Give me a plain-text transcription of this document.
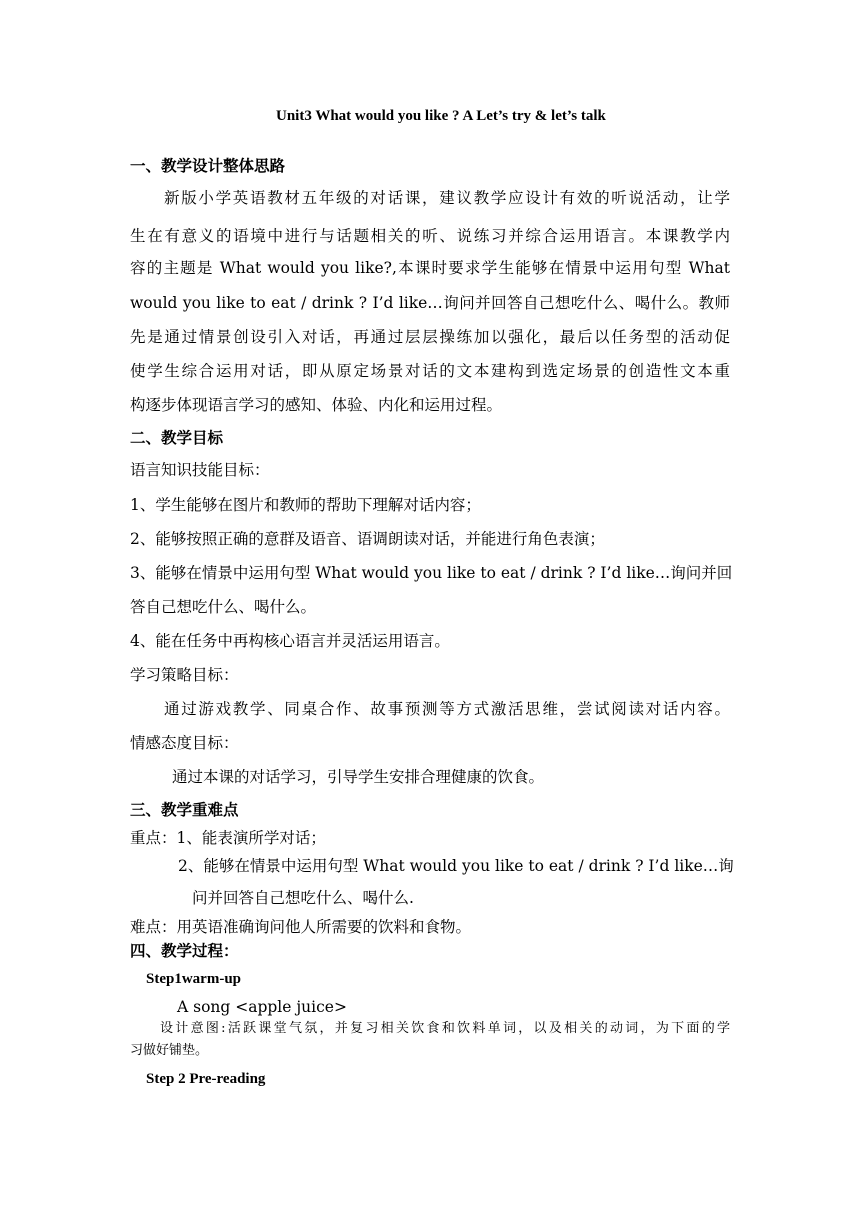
Unit3 What would you like ? A Let’s try & let’s talk
一、教学设计整体思路
新版小学英语教材五年级的对话课，建议教学应设计有效的听说活动，让学
生在有意义的语境中进行与话题相关的听、说练习并综合运用语言。本课教学内
容的主题是 What would you like?,本课时要求学生能够在情景中运用句型 What
would you like to eat / drink ? I’d like…询问并回答自己想吃什么、喝什么。教师
先是通过情景创设引入对话，再通过层层操练加以强化，最后以任务型的活动促
使学生综合运用对话，即从原定场景对话的文本建构到选定场景的创造性文本重
构逐步体现语言学习的感知、体验、内化和运用过程。
二、教学目标
语言知识技能目标：
1、学生能够在图片和教师的帮助下理解对话内容；
2、能够按照正确的意群及语音、语调朗读对话，并能进行角色表演；
3、能够在情景中运用句型 What would you like to eat / drink ? I’d like…询问并回
答自己想吃什么、喝什么。
4、能在任务中再构核心语言并灵活运用语言。
学习策略目标：
通过游戏教学、同桌合作、故事预测等方式激活思维，尝试阅读对话内容。
情感态度目标：
通过本课的对话学习，引导学生安排合理健康的饮食。
三、教学重难点
重点：1、能表演所学对话；
2、能够在情景中运用句型 What would you like to eat / drink ? I’d like…询
问并回答自己想吃什么、喝什么.
难点：用英语准确询问他人所需要的饮料和食物。
四、教学过程：
Step1warm-up
A song <apple juice>
设计意图:活跃课堂气氛，并复习相关饮食和饮料单词，以及相关的动词，为下面的学
习做好铺垫。
Step 2 Pre-reading
